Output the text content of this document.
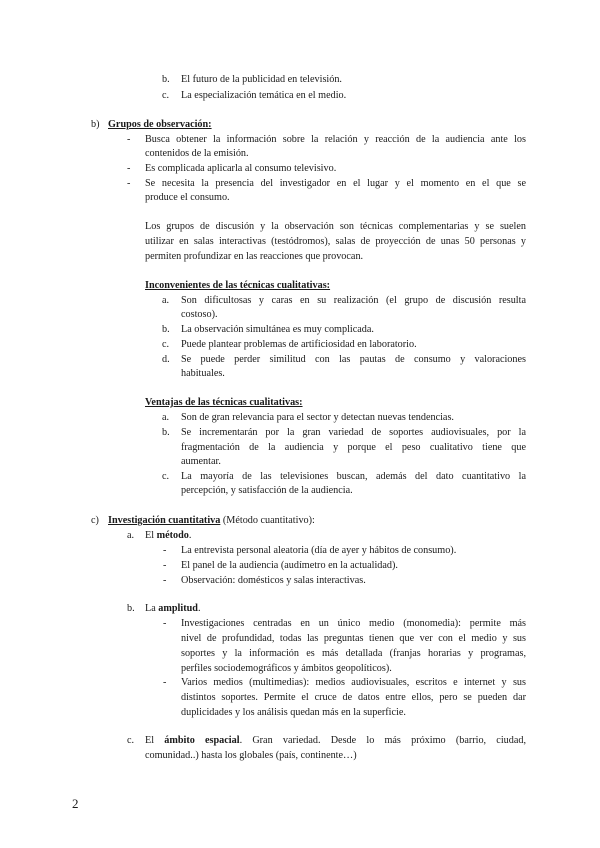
b. El futuro de la publicidad en televisión.
c. La especialización temática en el medio.
b) Grupos de observación:
- Busca obtener la información sobre la relación y reacción de la audiencia ante los
contenidos de la emisión.
- Es complicada aplicarla al consumo televisivo.
- Se necesita la presencia del investigador en el lugar y el momento en el que se
produce el consumo.
Los grupos de discusión y la observación son técnicas complementarias y se suelen
utilizar en salas interactivas (testódromos), salas de proyección de unas 50 personas y
permiten profundizar en las reacciones que provocan.
Inconvenientes de las técnicas cualitativas:
a. Son dificultosas y caras en su realización (el grupo de discusión resulta
costoso).
b. La observación simultánea es muy complicada.
c. Puede plantear problemas de artificiosidad en laboratorio.
d. Se puede perder similitud con las pautas de consumo y valoraciones
habituales.
Ventajas de las técnicas cualitativas:
a. Son de gran relevancia para el sector y detectan nuevas tendencias.
b. Se incrementarán por la gran variedad de soportes audiovisuales, por la
fragmentación de la audiencia y porque el peso cualitativo tiene que
aumentar.
c. La mayoría de las televisiones buscan, además del dato cuantitativo la
percepción, y satisfacción de la audiencia.
c) Investigación cuantitativa (Método cuantitativo):
a. El método.
- La entrevista personal aleatoria (día de ayer y hábitos de consumo).
- El panel de la audiencia (audímetro en la actualidad).
- Observación: domésticos y salas interactivas.
b. La amplitud.
- Investigaciones centradas en un único medio (monomedia): permite más
nivel de profundidad, todas las preguntas tienen que ver con el medio y sus
soportes y la información es más detallada (franjas horarias y programas,
perfiles sociodemográficos y ámbitos geopolíticos).
- Varios medios (multimedias): medios audiovisuales, escritos e internet y sus
distintos soportes. Permite el cruce de datos entre ellos, pero se pueden dar
duplicidades y los análisis quedan más en la superficie.
c. El ámbito espacial. Gran variedad. Desde lo más próximo (barrio, ciudad,
comunidad..) hasta los globales (país, continente…)
2
